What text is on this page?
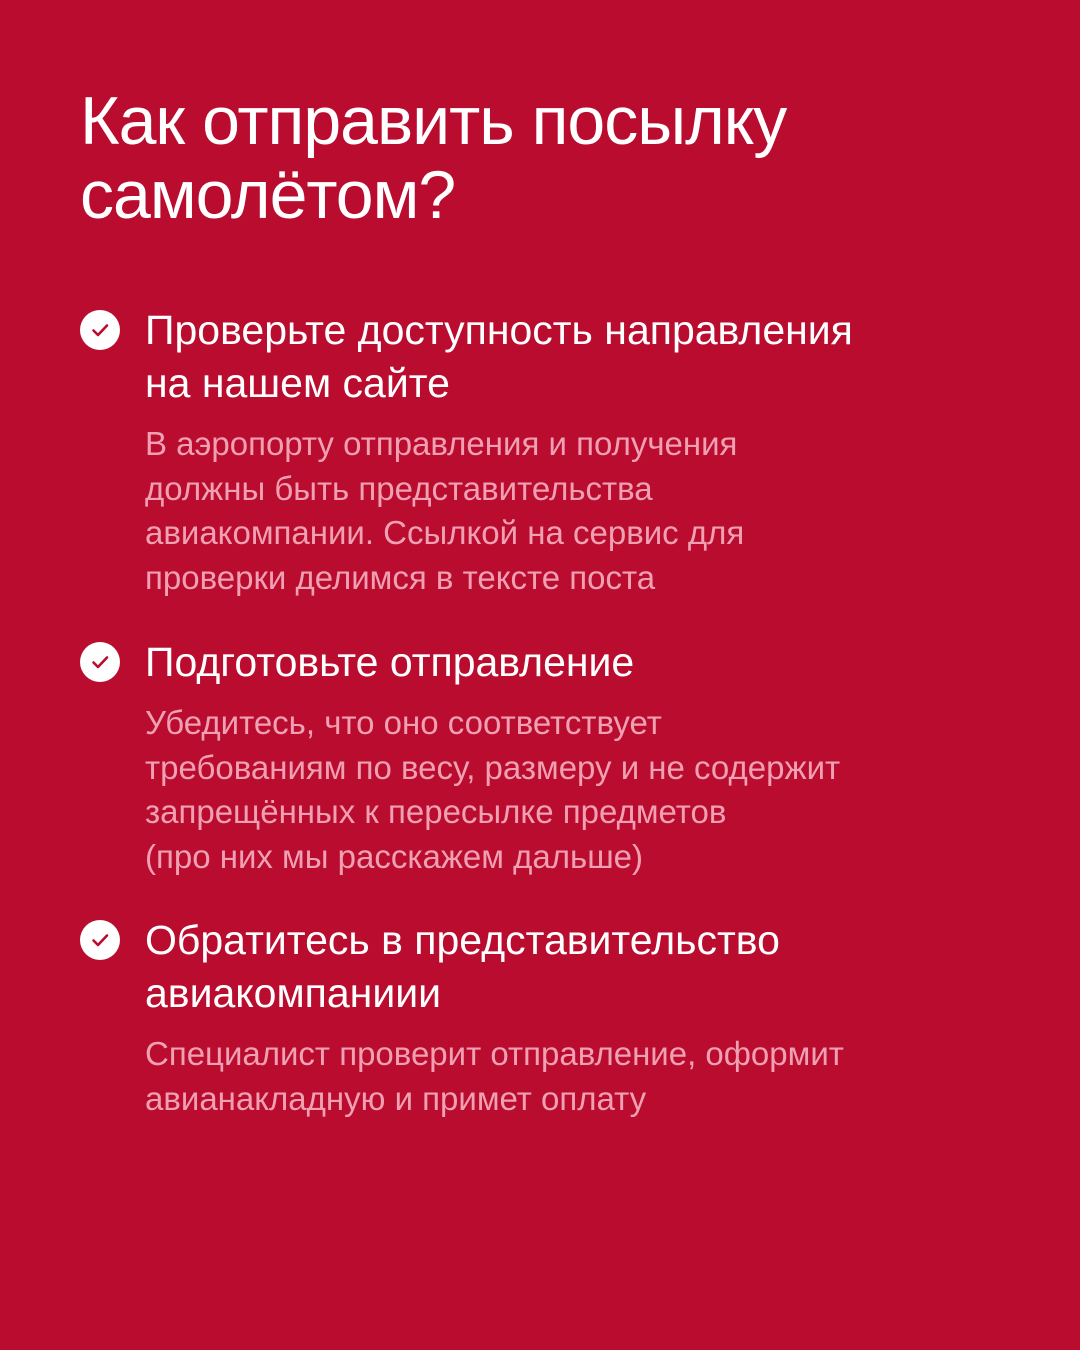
Как отправить посылку
самолётом?
Проверьте доступность направления
на нашем сайте

В аэропорту отправления и получения
должны быть представительства
авиакомпании. Ссылкой на сервис для
проверки делимся в тексте поста

Подготовьте отправление

Убедитесь, что оно соответствует
требованиям по весу, размеру и не содержит
запрещённых к пересылке предметов
(про них мы расскажем дальше)

Обратитесь в представительство
авиакомпаниии

Специалист проверит отправление, оформит
авианакладную и примет оплату
